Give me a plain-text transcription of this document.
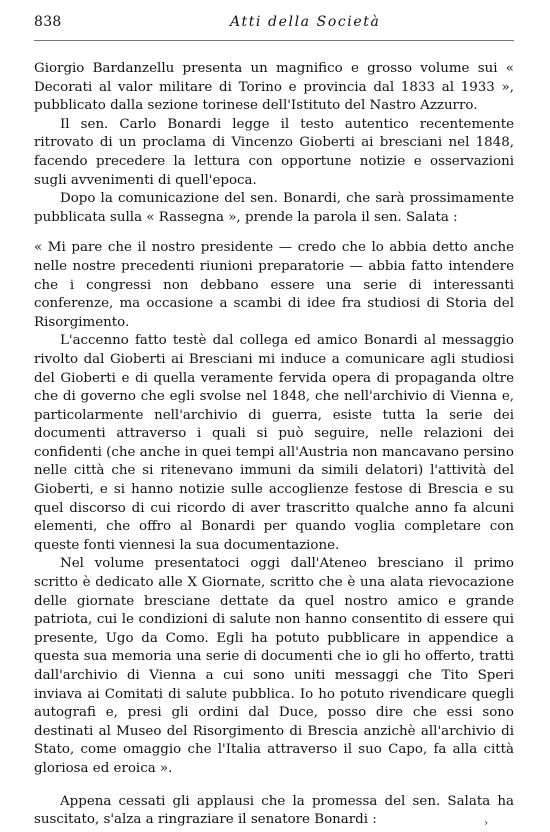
838	Atti della Società

Giorgio Bardanzellu presenta un magnifico e grosso volume sui « Decorati al valor militare di Torino e provincia dal 1833 al 1933 », pubblicato dalla sezione torinese dell'Istituto del Nastro Azzurro.

Il sen. Carlo Bonardi legge il testo autentico recentemente ritrovato di un proclama di Vincenzo Gioberti ai bresciani nel 1848, facendo precedere la lettura con opportune notizie e osservazioni sugli avvenimenti di quell'epoca.

Dopo la comunicazione del sen. Bonardi, che sarà prossimamente pubblicata sulla « Rassegna », prende la parola il sen. Salata :

« Mi pare che il nostro presidente — credo che lo abbia detto anche nelle nostre precedenti riunioni preparatorie — abbia fatto intendere che i congressi non debbano essere una serie di interessanti conferenze, ma occasione a scambi di idee fra studiosi di Storia del Risorgimento.

L'accenno fatto testè dal collega ed amico Bonardi al messaggio rivolto dal Gioberti ai Bresciani mi induce a comunicare agli studiosi del Gioberti e di quella veramente fervida opera di propaganda oltre che di governo che egli svolse nel 1848, che nell'archivio di Vienna e, particolarmente nell'archivio di guerra, esiste tutta la serie dei documenti attraverso i quali si può seguire, nelle relazioni dei confidenti (che anche in quei tempi all'Austria non mancavano persino nelle città che si ritenevano immuni da simili delatori) l'attività del Gioberti, e si hanno notizie sulle accoglienze festose di Brescia e su quel discorso di cui ricordo di aver trascritto qualche anno fa alcuni elementi, che offro al Bonardi per quando voglia completare con queste fonti viennesi la sua documentazione.

Nel volume presentatoci oggi dall'Ateneo bresciano il primo scritto è dedicato alle X Giornate, scritto che è una alata rievocazione delle giornate bresciane dettate da quel nostro amico e grande patriota, cui le condizioni di salute non hanno consentito di essere qui presente, Ugo da Como. Egli ha potuto pubblicare in appendice a questa sua memoria una serie di documenti che io gli ho offerto, tratti dall'archivio di Vienna a cui sono uniti messaggi che Tito Speri inviava ai Comitati di salute pubblica. Io ho potuto rivendicare quegli autografi e, presi gli ordini dal Duce, posso dire che essi sono destinati al Museo del Risorgimento di Brescia anzichè all'archivio di Stato, come omaggio che l'Italia attraverso il suo Capo, fa alla città gloriosa ed eroica ».

Appena cessati gli applausi che la promessa del sen. Salata ha suscitato, s'alza a ringraziare il senatore Bonardi :	›
